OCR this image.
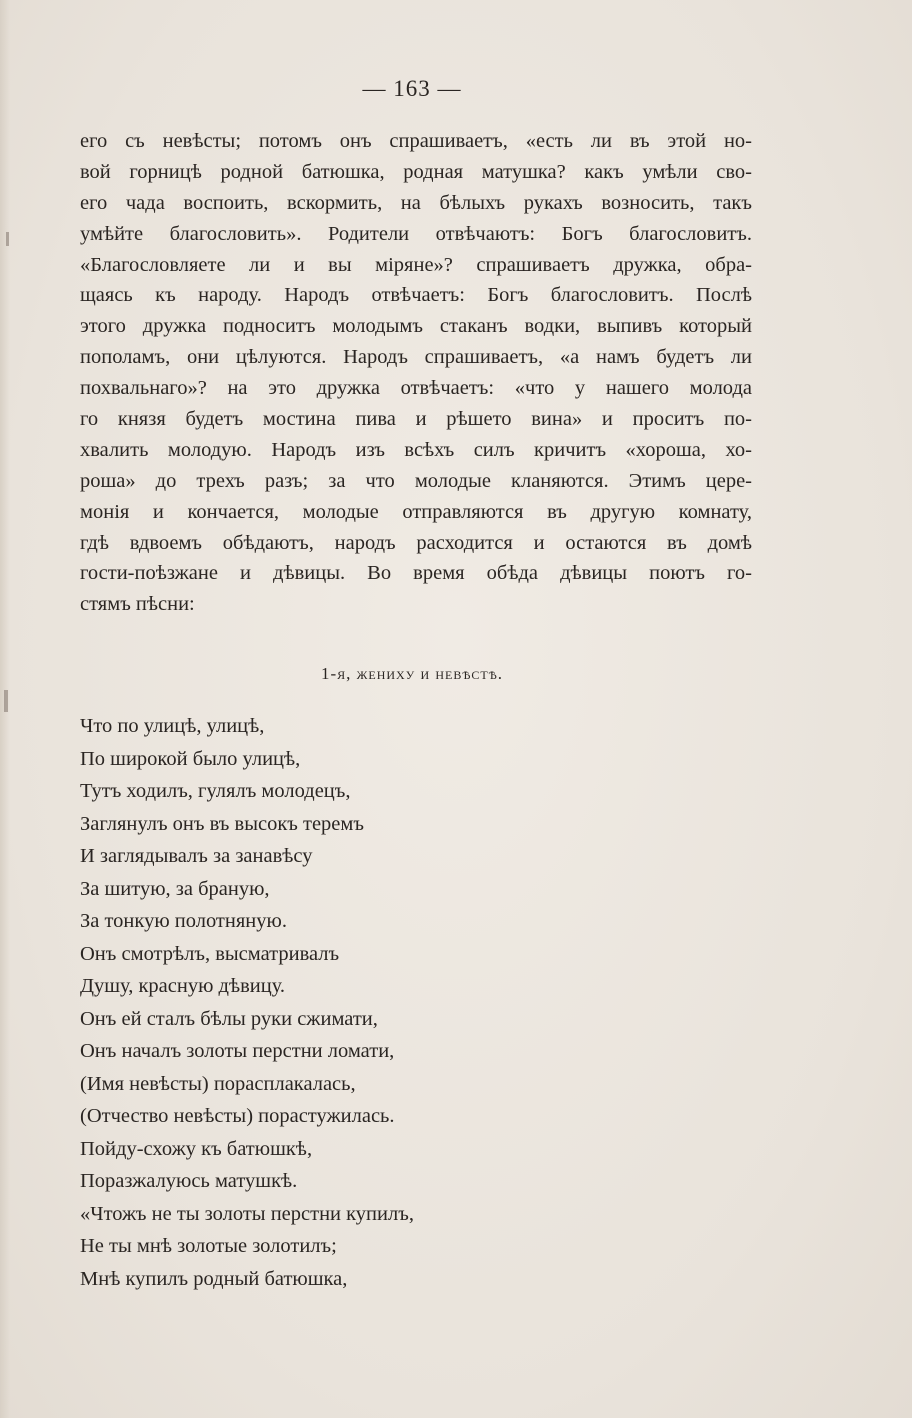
— 163 —
его съ невѣсты; потомъ онъ спрашиваетъ, «есть ли въ этой но-
вой горницѣ родной батюшка, родная матушка? какъ умѣли сво-
его чада воспоить, вскормить, на бѣлыхъ рукахъ возносить, такъ
умѣйте благословить». Родители отвѣчаютъ: Богъ благословитъ.
«Благословляете ли и вы міряне»? спрашиваетъ дружка, обра-
щаясь къ народу. Народъ отвѣчаетъ: Богъ благословитъ. Послѣ
этого дружка подноситъ молодымъ стаканъ водки, выпивъ который
пополамъ, они цѣлуются. Народъ спрашиваетъ, «а намъ будетъ ли
похвальнаго»? на это дружка отвѣчаетъ: «что у нашего молода
го князя будетъ мостина пива и рѣшето вина» и проситъ по-
хвалить молодую. Народъ изъ всѣхъ силъ кричитъ «хороша, хо-
роша» до трехъ разъ; за что молодые кланяются. Этимъ цере-
монія и кончается, молодые отправляются въ другую комнату,
гдѣ вдвоемъ обѣдаютъ, народъ расходится и остаются въ домѣ
гости-поѣзжане и дѣвицы. Во время обѣда дѣвицы поютъ го-
стямъ пѣсни:
1-я, жениху и невѣстѣ.
Что по улицѣ, улицѣ,
По широкой было улицѣ,
Тутъ ходилъ, гулялъ молодецъ,
Заглянулъ онъ въ высокъ теремъ
И заглядывалъ за занавѣсу
За шитую, за браную,
За тонкую полотняную.
Онъ смотрѣлъ, высматривалъ
Душу, красную дѣвицу.
Онъ ей сталъ бѣлы руки сжимати,
Онъ началъ золоты перстни ломати,
(Имя невѣсты) порасплакалась,
(Отчество невѣсты) порастужилась.
Пойду-схожу къ батюшкѣ,
Поразжалуюсь матушкѣ.
«Чтожъ не ты золоты перстни купилъ,
Не ты мнѣ золотые золотилъ;
Мнѣ купилъ родный батюшка,
